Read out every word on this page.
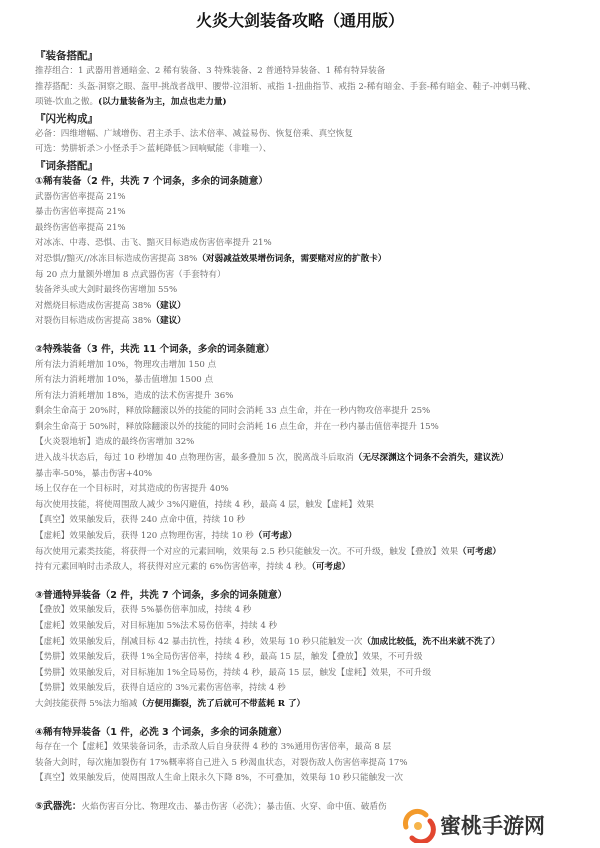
火炎大剑装备攻略（通用版）
『装备搭配』
推荐组合：1 武器用普通暗金、2 稀有装备、3 特殊装备、2 普通特异装备、1 稀有特异装备
推荐搭配：头盔-洞察之眼、盔甲-挑战者战甲、腰带-泣泪斩、戒指 1-扭曲指节、戒指 2-稀有暗金、手套-稀有暗金、鞋子-冲刺马靴、
项链-饮血之傲。(以力量装备为主，加点也走力量)
『闪光构成』
必备：四维增幅、广域增伤、君主杀手、法术倍率、减益易伤、恢复倍乘、真空恢复
可选：势肼斩杀＞小怪杀手＞蓝耗降低＞回响赋能（非唯一）、
『词条搭配』
①稀有装备（2 件，共洗 7 个词条，多余的词条随意）
武器伤害倍率提高 21%
暴击伤害倍率提高 21%
最终伤害倍率提高 21%
对冰冻、中毒、恐惧、击飞、黯灭目标造成伤害倍率提升 21%
对恐惧//黯灭//冰冻目标造成伤害提高 38%（对弱减益效果增伤词条，需要赌对应的扩散卡）
每 20 点力量额外增加 8 点武器伤害（手套特有）
装备斧头或大剑时最终伤害增加 55%
对燃烧目标造成伤害提高 38%（建议）
对裂伤目标造成伤害提高 38%（建议）
②特殊装备（3 件，共洗 11 个词条，多余的词条随意）
所有法力消耗增加 10%，物理攻击增加 150 点
所有法力消耗增加 10%，暴击值增加 1500 点
所有法力消耗增加 18%，造成的法术伤害提升 36%
剩余生命高于 20%时，释放除翻滚以外的技能的同时会消耗 33 点生命，并在一秒内物攻倍率提升 25%
剩余生命高于 50%时，释放除翻滚以外的技能的同时会消耗 16 点生命，并在一秒内暴击值倍率提升 15%
【火炎裂地斩】造成的最终伤害增加 32%
进入战斗状态后，每过 10 秒增加 40 点物理伤害，最多叠加 5 次，脱离战斗后取消（无尽深渊这个词条不会消失，建议洗）
暴击率-50%，暴击伤害+40%
场上仅存在一个目标时，对其造成的伤害提升 40%
每次使用技能，将使周围敌人减少 3%闪避值，持续 4 秒，最高 4 层，触发【虚耗】效果
【真空】效果触发后，获得 240 点命中值，持续 10 秒
【虚耗】效果触发后，获得 120 点物理伤害，持续 10 秒（可考虑）
每次使用元素类技能，将获得一个对应的元素回响，效果每 2.5 秒只能触发一次。不可升级，触发【叠放】效果（可考虑）
持有元素回响时击杀敌人，将获得对应元素的 6%伤害倍率，持续 4 秒。（可考虑）
③普通特异装备（2 件，共洗 7 个词条，多余的词条随意）
【叠放】效果触发后，获得 5%暴伤倍率加成，持续 4 秒
【虚耗】效果触发后，对目标施加 5%法术易伤倍率，持续 4 秒
【虚耗】效果触发后，削减目标 42 暴击抗性，持续 4 秒，效果每 10 秒只能触发一次（加成比较低，洗不出来就不洗了）
【势肼】效果触发后，获得 1%全局伤害倍率，持续 4 秒，最高 15 层，触发【叠放】效果，不可升级
【势肼】效果触发后，对目标施加 1%全局易伤，持续 4 秒，最高 15 层，触发【虚耗】效果，不可升级
【势肼】效果触发后，获得自适应的 3%元素伤害倍率，持续 4 秒
大剑技能获得 5%法力缩减（方便用撕裂，洗了后就可不带蓝耗 R 了）
④稀有特异装备（1 件，必洗 3 个词条，多余的词条随意）
每存在一个【虚耗】效果装备词条，击杀敌人后自身获得 4 秒的 3%通用伤害倍率，最高 8 层
装备大剑时，每次施加裂伤有 17%概率将自己进入 5 秒渴血状态，对裂伤敌人伤害倍率提高 17%
【真空】效果触发后，使周围敌人生命上限永久下降 8%，不可叠加，效果每 10 秒只能触发一次
⑤武器洗：火焰伤害百分比、物理攻击、暴击伤害（必洗）；暴击值、火穿、命中值、破盾伤
蜜桃手游网
